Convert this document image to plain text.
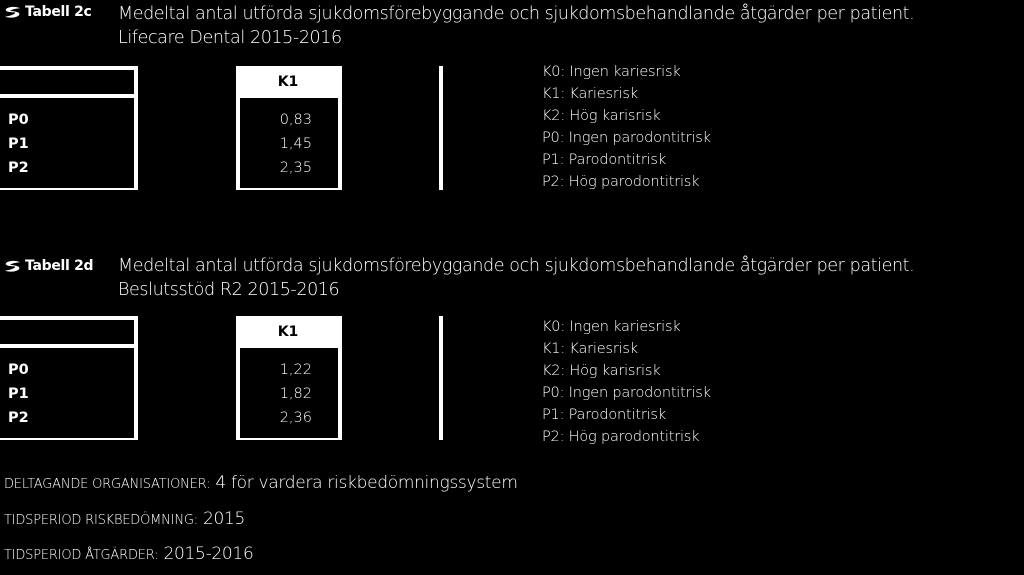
Tabell 2c Medeltal antal utförda sjukdomsförebyggande och sjukdomsbehandlande åtgärder per patient.
Lifecare Dental 2015-2016
K1
P0
P1
P2
0,83
1,45
2,35
K0: Ingen kariesrisk
K1: Kariesrisk
K2: Hög karisrisk
P0: Ingen parodontitrisk
P1: Parodontitrisk
P2: Hög parodontitrisk
Tabell 2d Medeltal antal utförda sjukdomsförebyggande och sjukdomsbehandlande åtgärder per patient.
Beslutsstöd R2 2015-2016
K1
P0
P1
P2
1,22
1,82
2,36
K0: Ingen kariesrisk
K1: Kariesrisk
K2: Hög karisrisk
P0: Ingen parodontitrisk
P1: Parodontitrisk
P2: Hög parodontitrisk
DELTAGANDE ORGANISATIONER: 4 för vardera riskbedömningssystem
TIDSPERIOD RISKBEDÖMNING: 2015
TIDSPERIOD ÅTGÄRDER: 2015-2016
